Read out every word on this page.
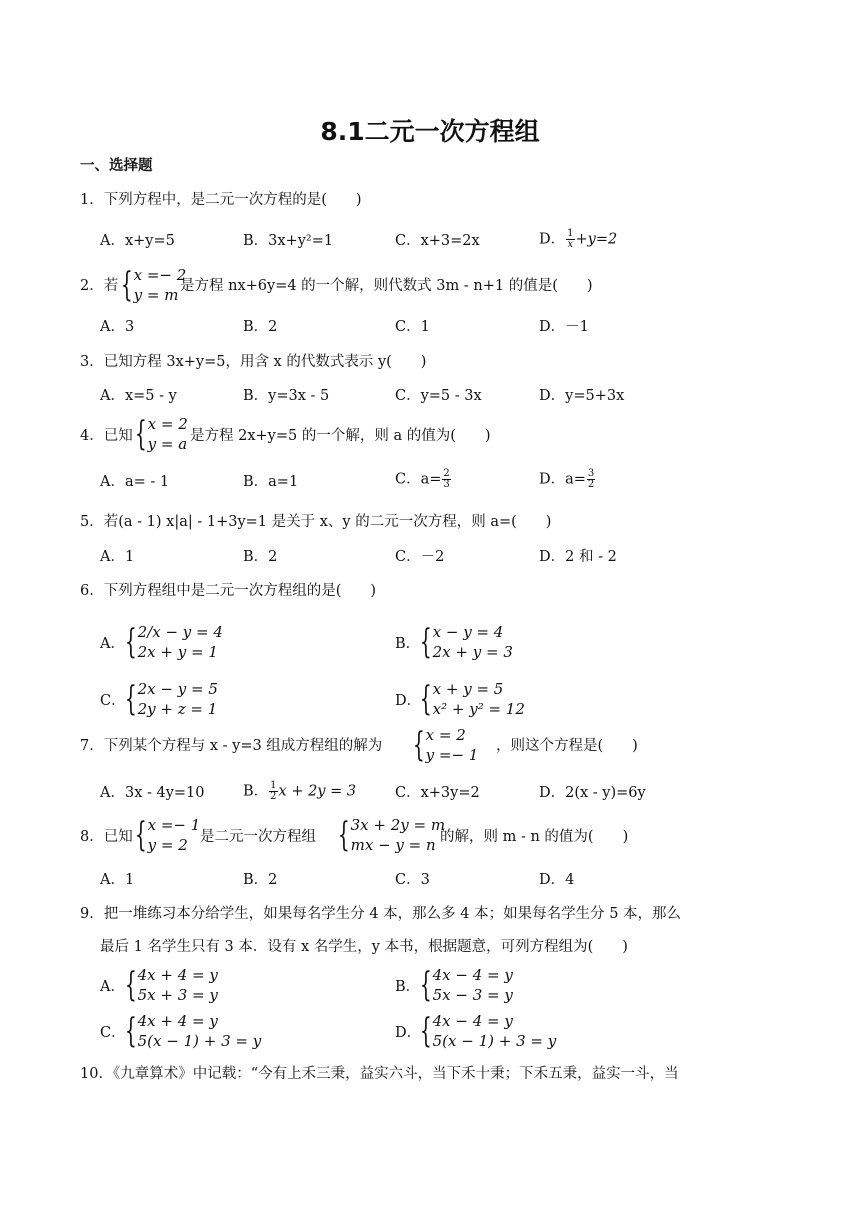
8.1二元一次方程组
一、选择题
1．下列方程中，是二元一次方程的是(　　)
A．x+y=5	B．3x+y²=1	C．x+3=2x	D． $\frac{1}{x} +y=2$
2．若 { x =− 2
y = m 是方程 nx+6y=4 的一个解，则代数式 3m - n+1 的值是(　　)
A．3	B．2	C．1	D．－1
3．已知方程 3x+y=5，用含 x 的代数式表示 y(　　)
A．x=5 - y	B．y=3x - 5	C．y=5 - 3x	D．y=5+3x
4．已知 { x = 2
y = a 是方程 2x+y=5 的一个解，则 a 的值为(　　)
A．a= - 1	B．a=1	C．$a= \frac{2}{3}$	D．$a= \frac{3}{2}$
5．若(a - 1) x|a| - 1+3y=1 是关于 x、y 的二元一次方程，则 a=(　　)
A．1	B．2	C．－2	D．2 和 - 2
6．下列方程组中是二元一次方程组的是(　　)
A． { 2/x − y = 4
2x + y = 1	B． { x − y = 4
2x + y = 3
C． { 2x − y = 5
2y + z = 1	D．
{ x + y = 5
x² + y² = 12
7．下列某个方程与 x - y=3 组成方程组的解为 { x = 2
y =− 1 ，则这个方程是(　　)
A．3x - 4y=10	B． $\frac{1}{2}$ x + 2y = 3	C．x+3y=2	D．2(x - y)=6y
8．已知 { x =− 1
y = 2 是二元一次方程组 { 3x + 2y = m
mx − y = n 的解，则 m - n 的值为(　　)
A．1	B．2	C．3	D．4
9．把一堆练习本分给学生，如果每名学生分 4 本，那么多 4 本；如果每名学生分 5 本，那么
最后 1 名学生只有 3 本．设有 x 名学生，y 本书，根据题意，可列方程组为(　　)
A． { 4x + 4 = y
5x + 3 = y	B． { 4x − 4 = y
5x − 3 = y
C． { 4x + 4 = y
5(x − 1) + 3 = y	D．
{ 4x − 4 = y
5(x − 1) + 3 = y
10．《九章算术》中记载：“今有上禾三秉，益实六斗，当下禾十秉；下禾五秉，益实一斗，当
